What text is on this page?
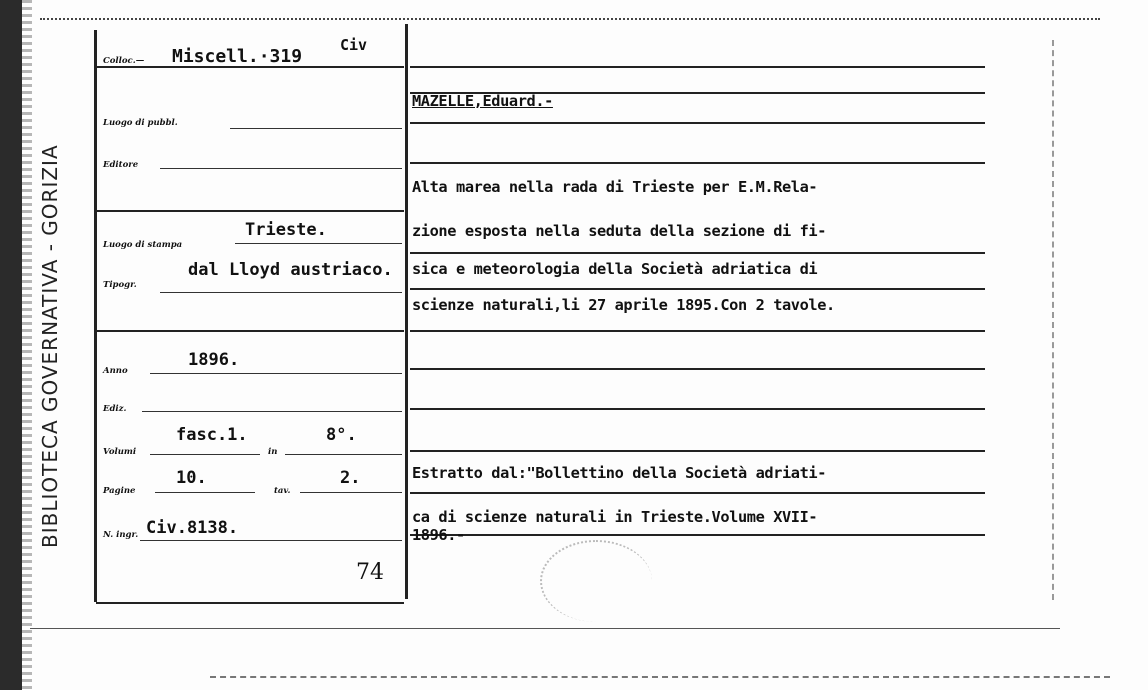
BIBLIOTECA GOVERNATIVA - GORIZIA
Colloc.— Miscell.·319
Civ
Luogo di pubbl.
Editore
Luogo di stampa
Trieste.
Tipogr.
dal Lloyd austriaco.
Anno
1896.
Ediz.
Volumi
fasc.1.
in
8°.
Pagine
10.
tav.
2.
N. ingr. Civ.8138.
74
MAZELLE,Eduard.-
Alta marea nella rada di Trieste per E.M.Rela-
zione esposta nella seduta della sezione di fi-
sica e meteorologia della Società adriatica di
scienze naturali,li 27 aprile 1895.Con 2 tavole.
Estratto dal:"Bollettino della Società adriati-
ca di scienze naturali in Trieste.Volume XVII-
1896.-
